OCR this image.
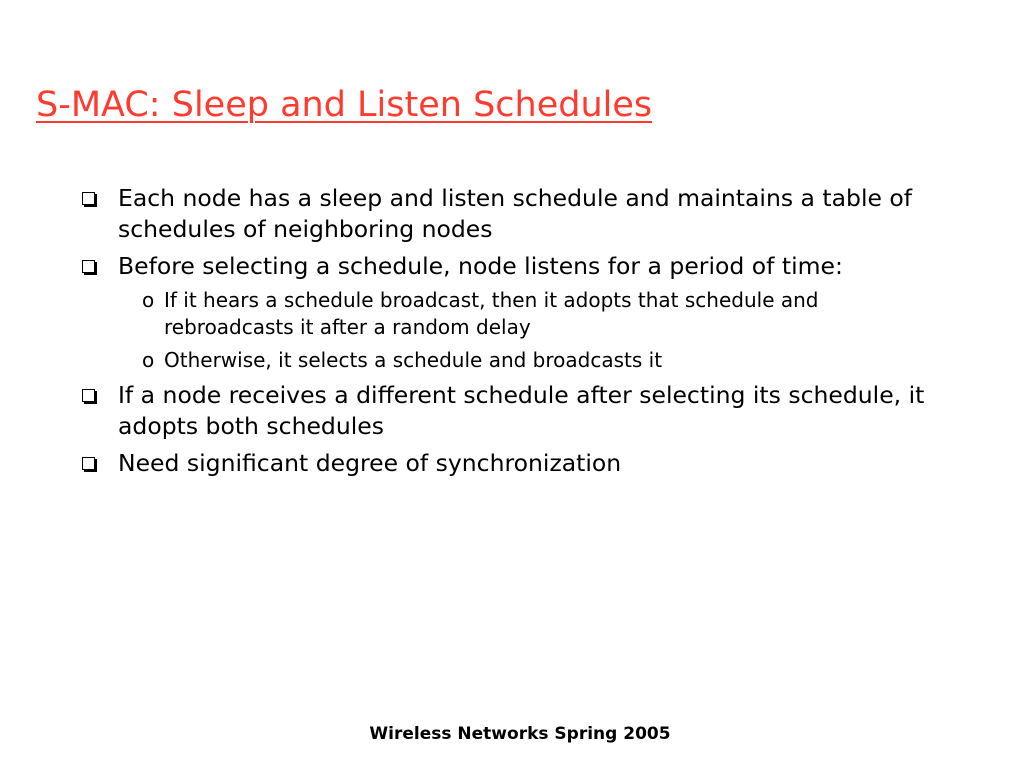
S-MAC: Sleep and Listen Schedules
Each node has a sleep and listen schedule and maintains a table of schedules of neighboring nodes
Before selecting a schedule, node listens for a period of time:
o If it hears a schedule broadcast, then it adopts that schedule and rebroadcasts it after a random delay
o Otherwise, it selects a schedule and broadcasts it
If a node receives a different schedule after selecting its schedule, it adopts both schedules
Need significant degree of synchronization
Wireless Networks Spring 2005
